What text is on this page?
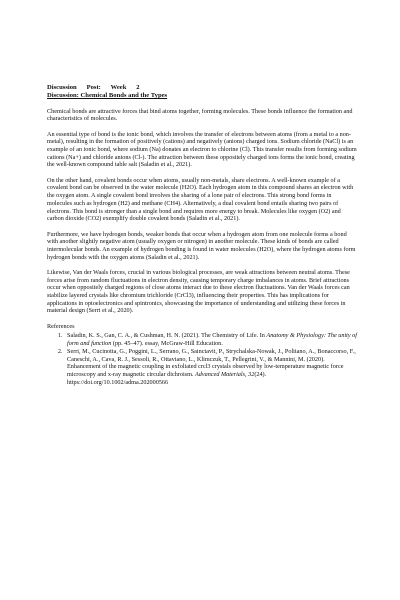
Discussion      Post:      Week      2
Discussion: Chemical Bonds and the Types

Chemical bonds are attractive forces that bind atoms together, forming molecules. These bonds influence the formation and characteristics of molecules.

An essential type of bond is the ionic bond, which involves the transfer of electrons between atoms (from a metal to a non-metal), resulting in the formation of positively (cations) and negatively (anions) charged ions. Sodium chloride (NaCl) is an example of an ionic bond, where sodium (Na) donates an electron to chlorine (Cl). This transfer results from forming sodium cations (Na+) and chloride anions (Cl-). The attraction between these oppositely charged ions forms the ionic bond, creating the well-known compound table salt (Saladin et al., 2021).

On the other hand, covalent bonds occur when atoms, usually non-metals, share electrons. A well-known example of a covalent bond can be observed in the water molecule (H2O). Each hydrogen atom in this compound shares an electron with the oxygen atom. A single covalent bond involves the sharing of a lone pair of electrons. This strong bond forms in molecules such as hydrogen (H2) and methane (CH4). Alternatively, a dual covalent bond entails sharing two pairs of electrons. This bond is stronger than a single bond and requires more energy to break. Molecules like oxygen (O2) and carbon dioxide (CO2) exemplify double covalent bonds (Saladin et al., 2021).

Furthermore, we have hydrogen bonds, weaker bonds that occur when a hydrogen atom from one molecule forms a bond with another slightly negative atom (usually oxygen or nitrogen) in another molecule. These kinds of bonds are called intermolecular bonds. An example of hydrogen bonding is found in water molecules (H2O), where the hydrogen atoms form hydrogen bonds with the oxygen atoms (Saladin et al., 2021).

Likewise, Van der Waals forces, crucial in various biological processes, are weak attractions between neutral atoms. These forces arise from random fluctuations in electron density, causing temporary charge imbalances in atoms. Brief attractions occur when oppositely charged regions of close atoms interact due to these electron fluctuations. Van der Waals forces can stabilize layered crystals like chromium trichloride (CrCl3), influencing their properties. This has implications for applications in optoelectronics and spintronics, showcasing the importance of understanding and utilizing these forces in material design (Serri et al., 2020).

References
1. Saladin, K. S., Gan, C. A., & Cushman, H. N. (2021). The Chemistry of Life. In Anatomy & Physiology: The unity of form and function (pp. 45–47). essay, McGraw-Hill Education.
2. Serri, M., Cucinotta, G., Poggini, L., Serrano, G., Sainctavit, P., Strychalska-Nowak, J., Politano, A., Bonaccorso, F., Caneschi, A., Cava, R. J., Sessoli, R., Ottaviano, L., Klimczuk, T., Pellegrini, V., & Mannini, M. (2020). Enhancement of the magnetic coupling in exfoliated crcl3 crystals observed by low-temperature magnetic force microscopy and x-ray magnetic circular dichroism. Advanced Materials, 32(24). https://doi.org/10.1002/adma.202000566
